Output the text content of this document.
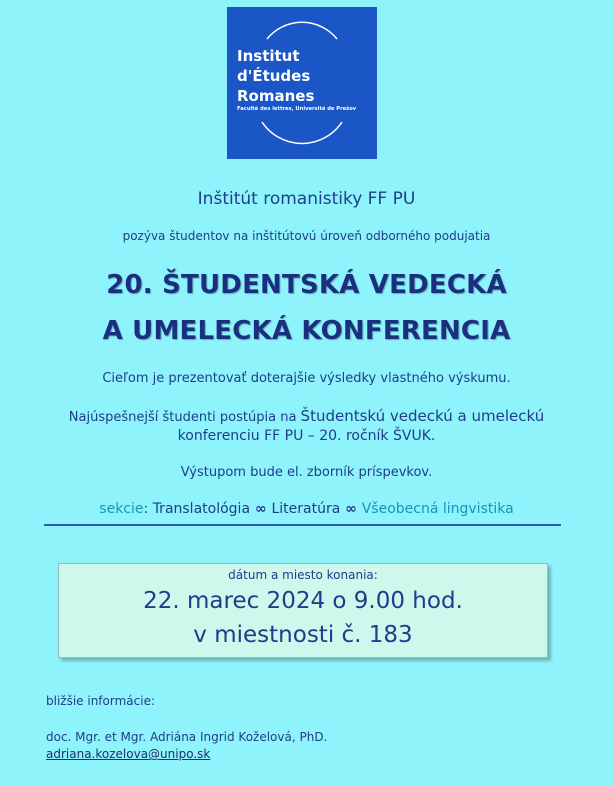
Institut
d'Études
Romanes
Faculté des lettres, Université de Prešov
Inštitút romanistiky FF PU
pozýva študentov na inštitútovú úroveň odborného podujatia
20. ŠTUDENTSKÁ VEDECKÁ
A UMELECKÁ KONFERENCIA
Cieľom je prezentovať doterajšie výsledky vlastného výskumu.
Najúspešnejší študenti postúpia na Študentskú vedeckú a umeleckú
konferenciu FF PU – 20. ročník ŠVUK.
Výstupom bude el. zborník príspevkov.
sekcie: Translatológia ∞ Literatúra ∞ Všeobecná lingvistika
dátum a miesto konania:
22. marec 2024 o 9.00 hod.
v miestnosti č. 183
bližšie informácie:
doc. Mgr. et Mgr. Adriána Ingrid Koželová, PhD.
adriana.kozelova@unipo.sk
